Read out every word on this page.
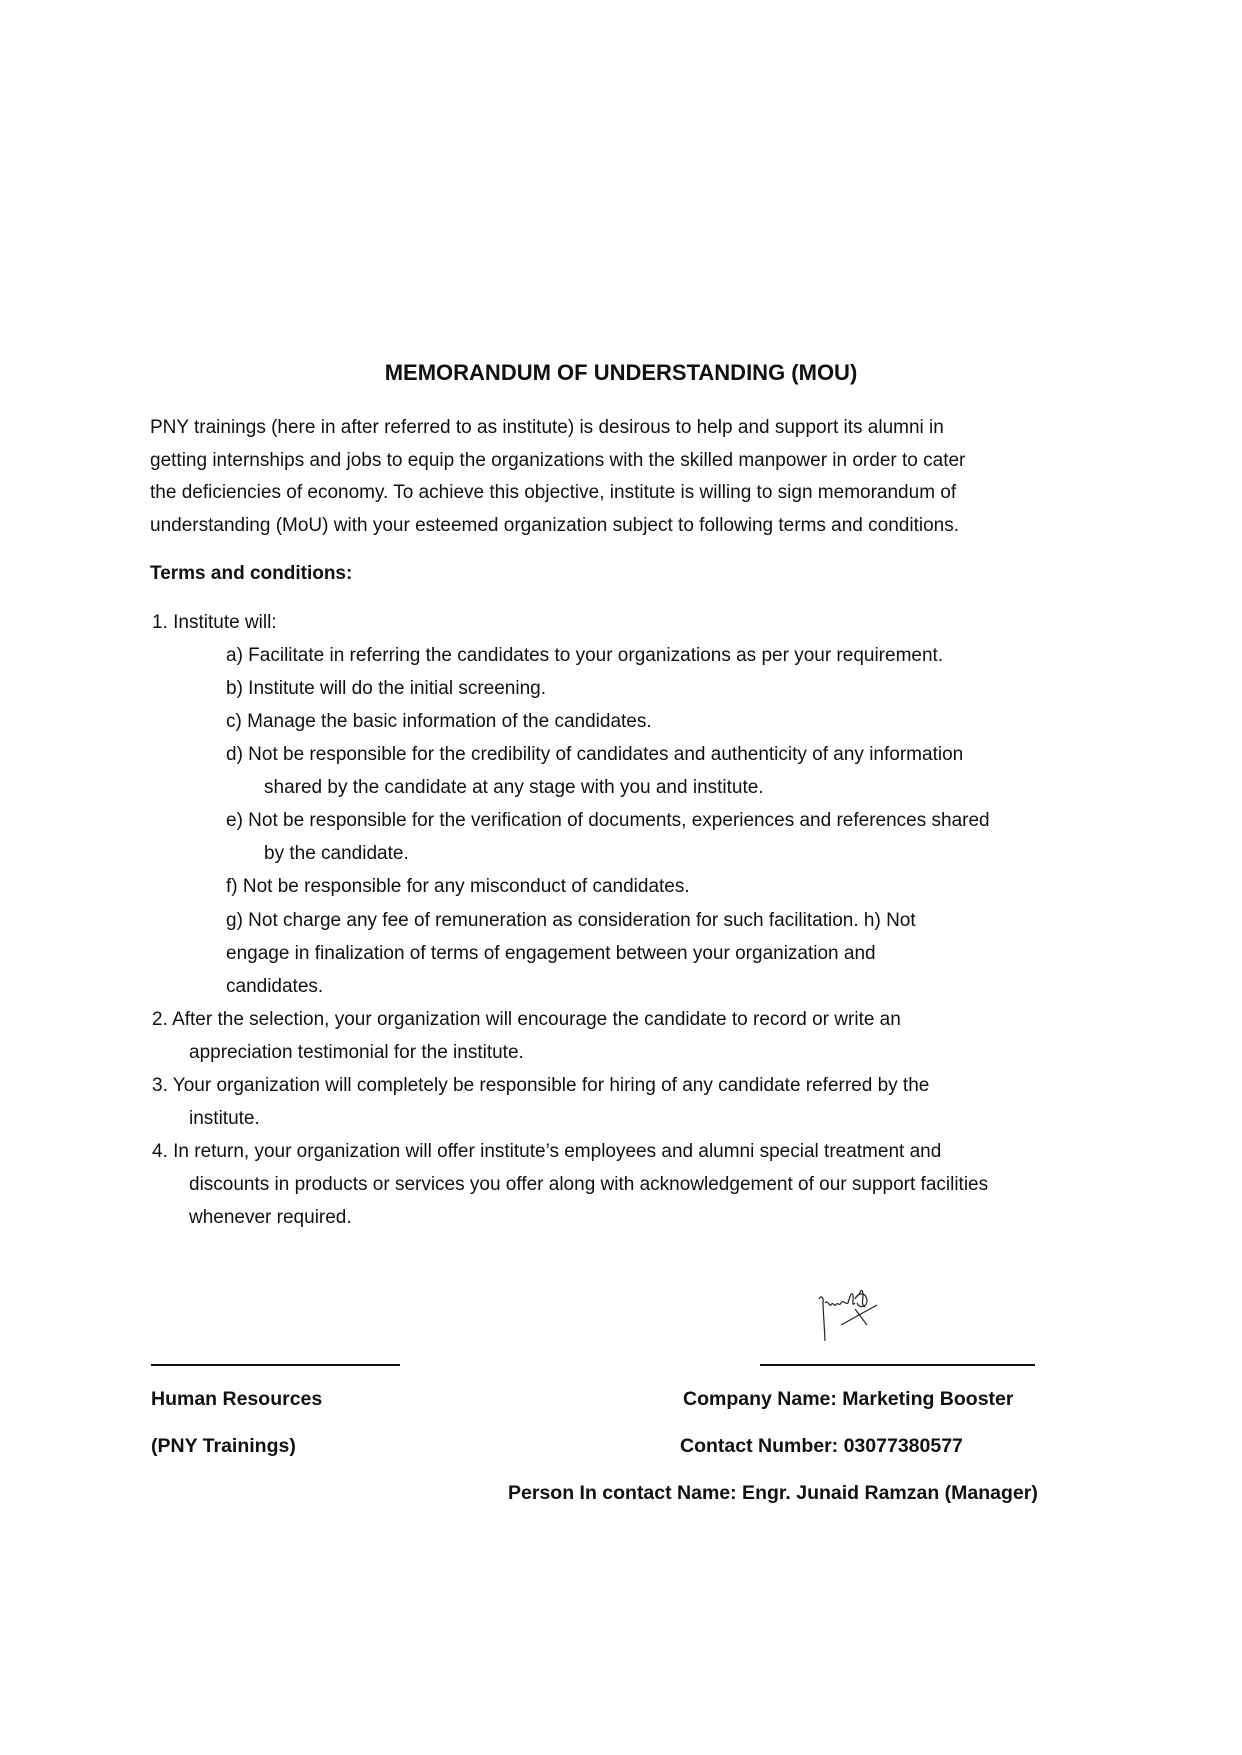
MEMORANDUM OF UNDERSTANDING (MOU)
PNY trainings (here in after referred to as institute) is desirous to help and support its alumni in
getting internships and jobs to equip the organizations with the skilled manpower in order to cater
the deficiencies of economy. To achieve this objective, institute is willing to sign memorandum of
understanding (MoU) with your esteemed organization subject to following terms and conditions.
Terms and conditions:
1. Institute will:
a) Facilitate in referring the candidates to your organizations as per your requirement.
b) Institute will do the initial screening.
c) Manage the basic information of the candidates.
d) Not be responsible for the credibility of candidates and authenticity of any information
shared by the candidate at any stage with you and institute.
e) Not be responsible for the verification of documents, experiences and references shared
by the candidate.
f) Not be responsible for any misconduct of candidates.
g) Not charge any fee of remuneration as consideration for such facilitation. h) Not
engage in finalization of terms of engagement between your organization and
candidates.
2. After the selection, your organization will encourage the candidate to record or write an
appreciation testimonial for the institute.
3. Your organization will completely be responsible for hiring of any candidate referred by the
institute.
4. In return, your organization will offer institute’s employees and alumni special treatment and
discounts in products or services you offer along with acknowledgement of our support facilities
whenever required.
Human Resources
(PNY Trainings)
Company Name: Marketing Booster
Contact Number: 03077380577
Person In contact Name: Engr. Junaid Ramzan (Manager)
